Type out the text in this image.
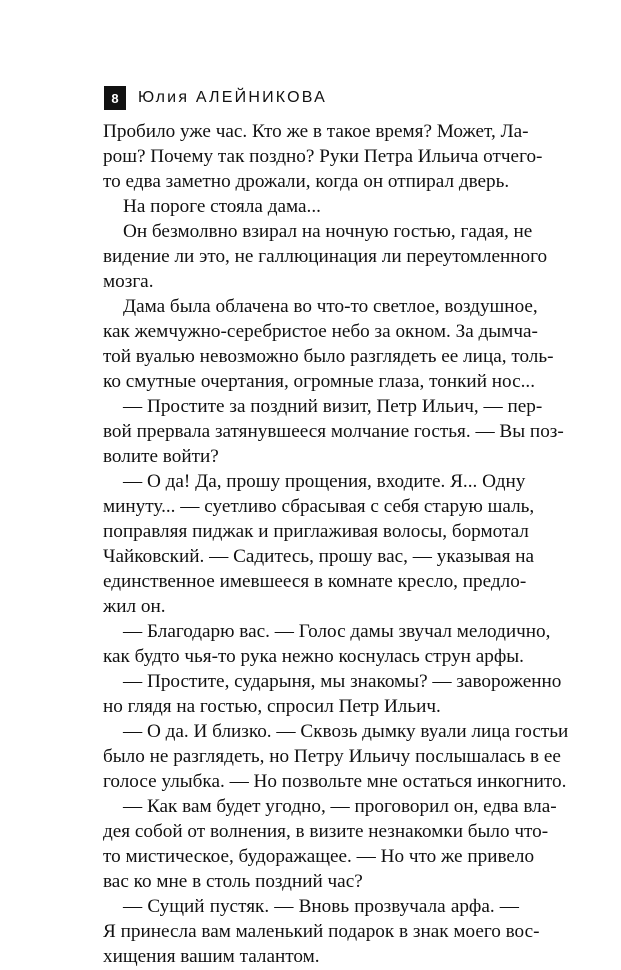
8	Юлия АЛЕЙНИКОВА
Пробило уже час. Кто же в такое время? Может, Ла-
рош? Почему так поздно? Руки Петра Ильича отчего-
то едва заметно дрожали, когда он отпирал дверь.
На пороге стояла дама...
Он безмолвно взирал на ночную гостью, гадая, не
видение ли это, не галлюцинация ли переутомленного
мозга.
Дама была облачена во что-то светлое, воздушное,
как жемчужно-серебристое небо за окном. За дымча-
той вуалью невозможно было разглядеть ее лица, толь-
ко смутные очертания, огромные глаза, тонкий нос...
— Простите за поздний визит, Петр Ильич, — пер-
вой прервала затянувшееся молчание гостья. — Вы поз-
волите войти?
— О да! Да, прошу прощения, входите. Я... Одну
минуту... — суетливо сбрасывая с себя старую шаль,
поправляя пиджак и приглаживая волосы, бормотал
Чайковский. — Садитесь, прошу вас, — указывая на
единственное имевшееся в комнате кресло, предло-
жил он.
— Благодарю вас. — Голос дамы звучал мелодично,
как будто чья-то рука нежно коснулась струн арфы.
— Простите, сударыня, мы знакомы? — завороженно
но глядя на гостью, спросил Петр Ильич.
— О да. И близко. — Сквозь дымку вуали лица гостьи
было не разглядеть, но Петру Ильичу послышалась в ее
голосе улыбка. — Но позвольте мне остаться инкогнито.
— Как вам будет угодно, — проговорил он, едва вла-
дея собой от волнения, в визите незнакомки было что-
то мистическое, будоражащее. — Но что же привело
вас ко мне в столь поздний час?
— Сущий пустяк. — Вновь прозвучала арфа. —
Я принесла вам маленький подарок в знак моего вос-
хищения вашим талантом.
